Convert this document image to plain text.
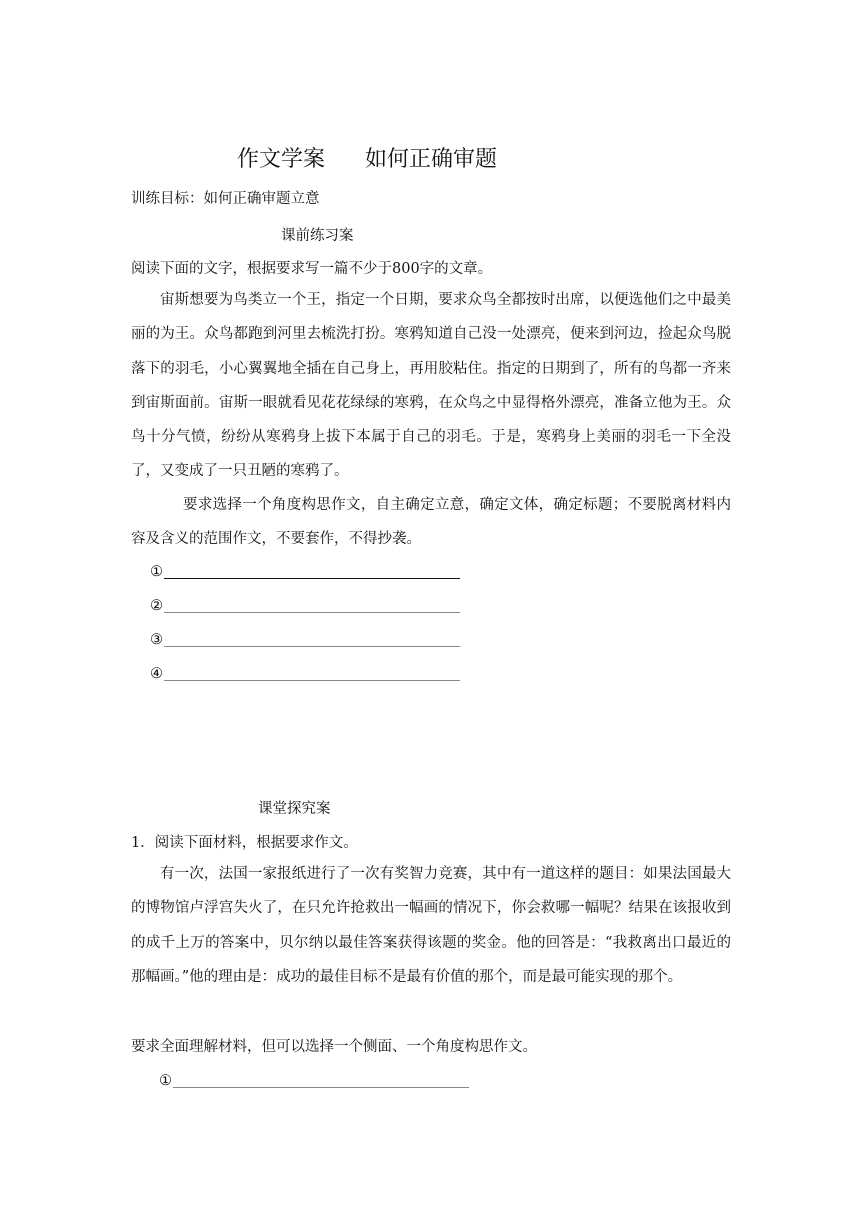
作文学案 如何正确审题
训练目标：如何正确审题立意
课前练习案
阅读下面的文字，根据要求写一篇不少于800字的文章。
宙斯想要为鸟类立一个王，指定一个日期，要求众鸟全都按时出席，以便选他们之中最美丽的为王。众鸟都跑到河里去梳洗打扮。寒鸦知道自己没一处漂亮，便来到河边，捡起众鸟脱落下的羽毛，小心翼翼地全插在自己身上，再用胶粘住。指定的日期到了，所有的鸟都一齐来到宙斯面前。宙斯一眼就看见花花绿绿的寒鸦，在众鸟之中显得格外漂亮，准备立他为王。众鸟十分气愤，纷纷从寒鸦身上拔下本属于自己的羽毛。于是，寒鸦身上美丽的羽毛一下全没了，又变成了一只丑陋的寒鸦了。
要求选择一个角度构思作文，自主确定立意，确定文体，确定标题；不要脱离材料内容及含义的范围作文，不要套作，不得抄袭。
①
②
③
④
课堂探究案
1．阅读下面材料，根据要求作文。
有一次，法国一家报纸进行了一次有奖智力竞赛，其中有一道这样的题目：如果法国最大的博物馆卢浮宫失火了，在只允许抢救出一幅画的情况下，你会救哪一幅呢？结果在该报收到的成千上万的答案中，贝尔纳以最佳答案获得该题的奖金。他的回答是：“我救离出口最近的那幅画。”他的理由是：成功的最佳目标不是最有价值的那个，而是最可能实现的那个。
要求全面理解材料，但可以选择一个侧面、一个角度构思作文。
①
